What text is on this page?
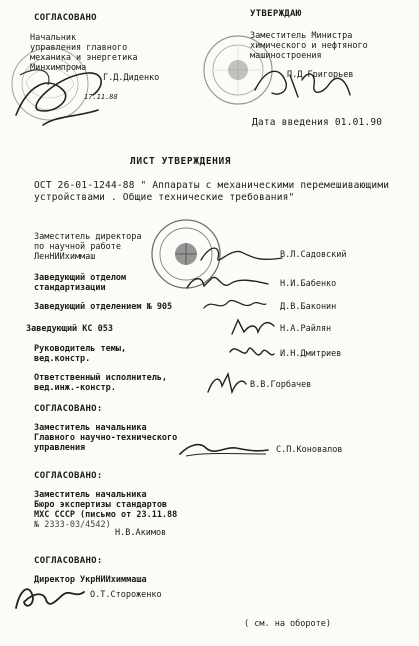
СОГЛАСОВАНО
Начальник
управления главного
механика и энергетика
Минхимпрома
Г.Д.Диденко
17.11.88
УТВЕРЖДАЮ
Заместитель Министра
химического и нефтяного
машиностроения
П.Д.Григорьев
Дата введения 01.01.90
ЛИСТ УТВЕРЖДЕНИЯ
ОСТ 26-01-1244-88 " Аппараты с механическими перемешивающими
устройствами . Общие технические требования"
Заместитель директора
по научной работе
ЛенНИИхиммаш	В.Л.Садовский
Заведующий отделом
стандартизации	Н.И.Бабенко
Заведующий отделением № 905	Д.В.Баконин
Заведующий КС 053	Н.А.Райлян
Руководитель темы,
вед.констр.	И.Н.Дмитриев
Ответственный исполнитель,
вед.инж.-констр.	В.В.Горбачев
СОГЛАСОВАНО:
Заместитель начальника
Главного научно-технического
управления	С.П.Коновалов
СОГЛАСОВАНО:
Заместитель начальника
Бюро экспертизы стандартов
МХС СССР (письмо от 23.11.88
№ 2333-03/4542)
Н.В.Акимов
СОГЛАСОВАНО:
Директор УкрНИИхиммаша
О.Т.Стороженко
( см. на обороте)
